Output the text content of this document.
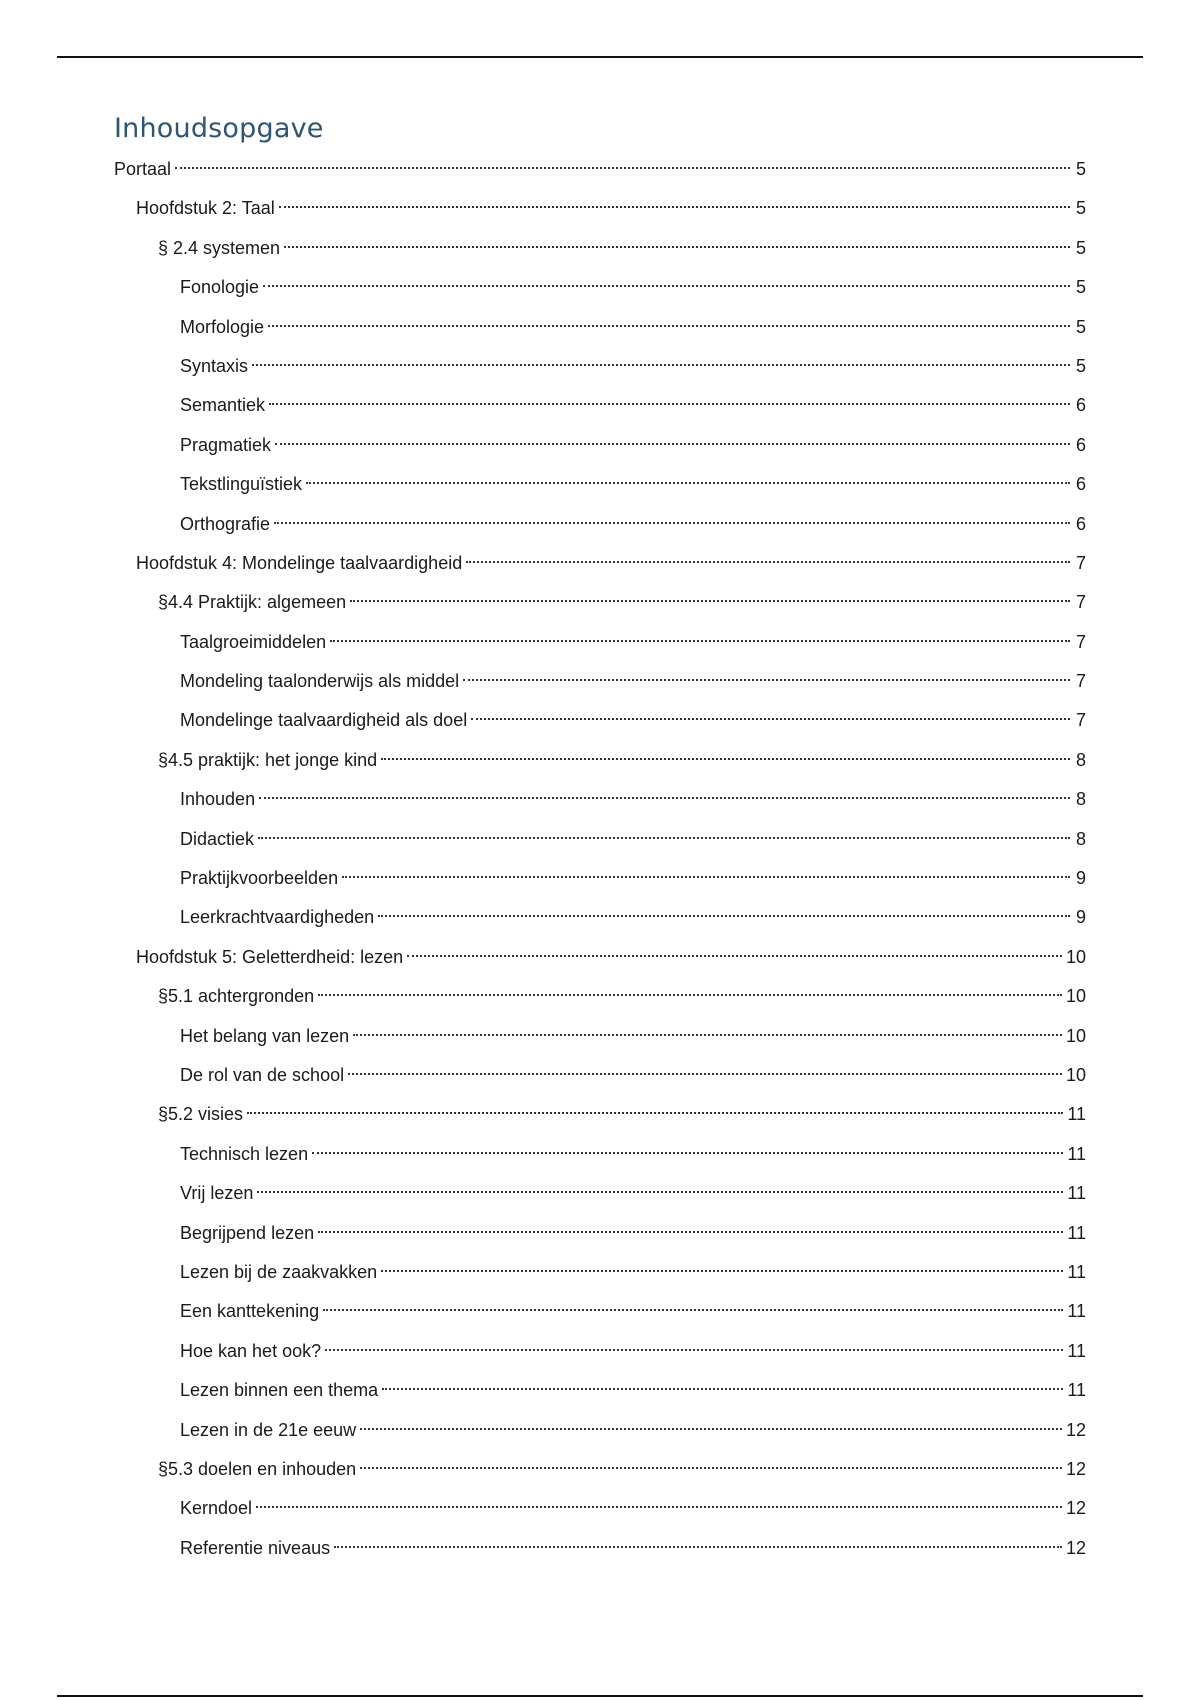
Inhoudsopgave
Portaal	5
Hoofdstuk 2: Taal	5
§ 2.4 systemen	5
Fonologie	5
Morfologie	5
Syntaxis	5
Semantiek	6
Pragmatiek	6
Tekstlinguïstiek	6
Orthografie	6
Hoofdstuk 4: Mondelinge taalvaardigheid	7
§4.4 Praktijk: algemeen	7
Taalgroeimiddelen	7
Mondeling taalonderwijs als middel	7
Mondelinge taalvaardigheid als doel	7
§4.5 praktijk: het jonge kind	8
Inhouden	8
Didactiek	8
Praktijkvoorbeelden	9
Leerkrachtvaardigheden	9
Hoofdstuk 5: Geletterdheid: lezen	10
§5.1 achtergronden	10
Het belang van lezen	10
De rol van de school	10
§5.2 visies	11
Technisch lezen	11
Vrij lezen	11
Begrijpend lezen	11
Lezen bij de zaakvakken	11
Een kanttekening	11
Hoe kan het ook?	11
Lezen binnen een thema	11
Lezen in de 21e eeuw	12
§5.3 doelen en inhouden	12
Kerndoel	12
Referentie niveaus	12
